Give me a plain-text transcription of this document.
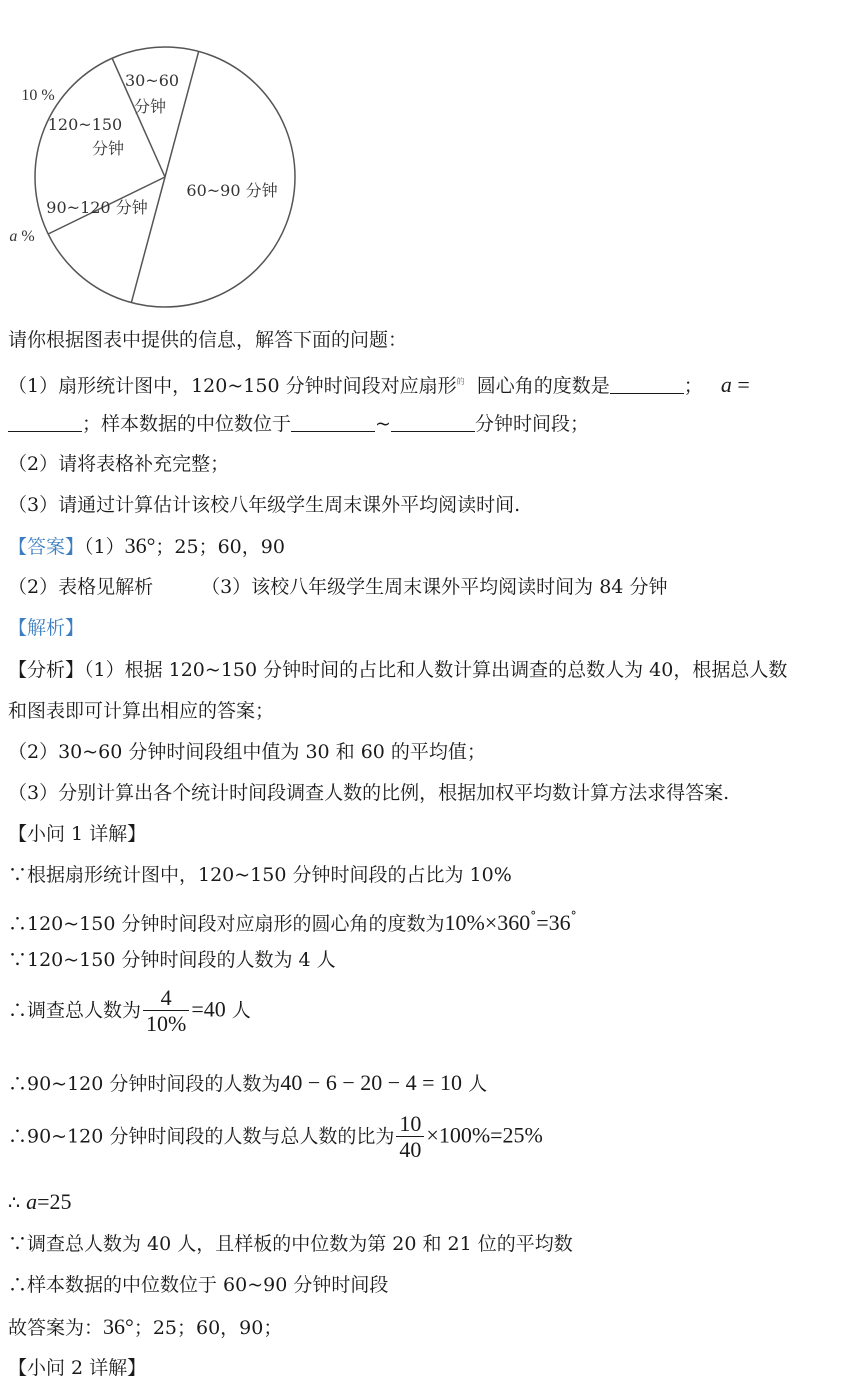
30~60
分钟
60~90 分钟
90~120 分钟
120~150
分钟
10 %
a %
请你根据图表中提供的信息，解答下面的问题：
（1）扇形统计图中，120~150 分钟时间段对应扇形$^的$ 圆心角的度数是	； a =
；样本数据的中位数位于	~	分钟时间段；
（2）请将表格补充完整；
（3）请通过计算估计该校八年级学生周末课外平均阅读时间.
【答案】（1）36°；25；60，90
（2）表格见解析	（3）该校八年级学生周末课外平均阅读时间为 84 分钟
【解析】
【分析】（1）根据 120~150 分钟时间的占比和人数计算出调查的总数人为 40，根据总人数
和图表即可计算出相应的答案；
（2）30~60 分钟时间段组中值为 30 和 60 的平均值；
（3）分别计算出各个统计时间段调查人数的比例，根据加权平均数计算方法求得答案.
【小问 1 详解】
∵根据扇形统计图中，120~150 分钟时间段的占比为 10%
∴120~150 分钟时间段对应扇形的圆心角的度数为10%×360°=36°
∵120~150 分钟时间段的人数为 4 人
∴调查总人数为 $\frac{4}{10\%} =40$ 人
∴90~120 分钟时间段的人数为40 − 6 − 20 − 4 = 10 人
∴90~120 分钟时间段的人数与总人数的比为 $\frac{10}{40} \times 100\%=25\%$
∴ a=25
∵调查总人数为 40 人，且样板的中位数为第 20 和 21 位的平均数
∴样本数据的中位数位于 60~90 分钟时间段
故答案为：36°；25；60，90；
【小问 2 详解】
